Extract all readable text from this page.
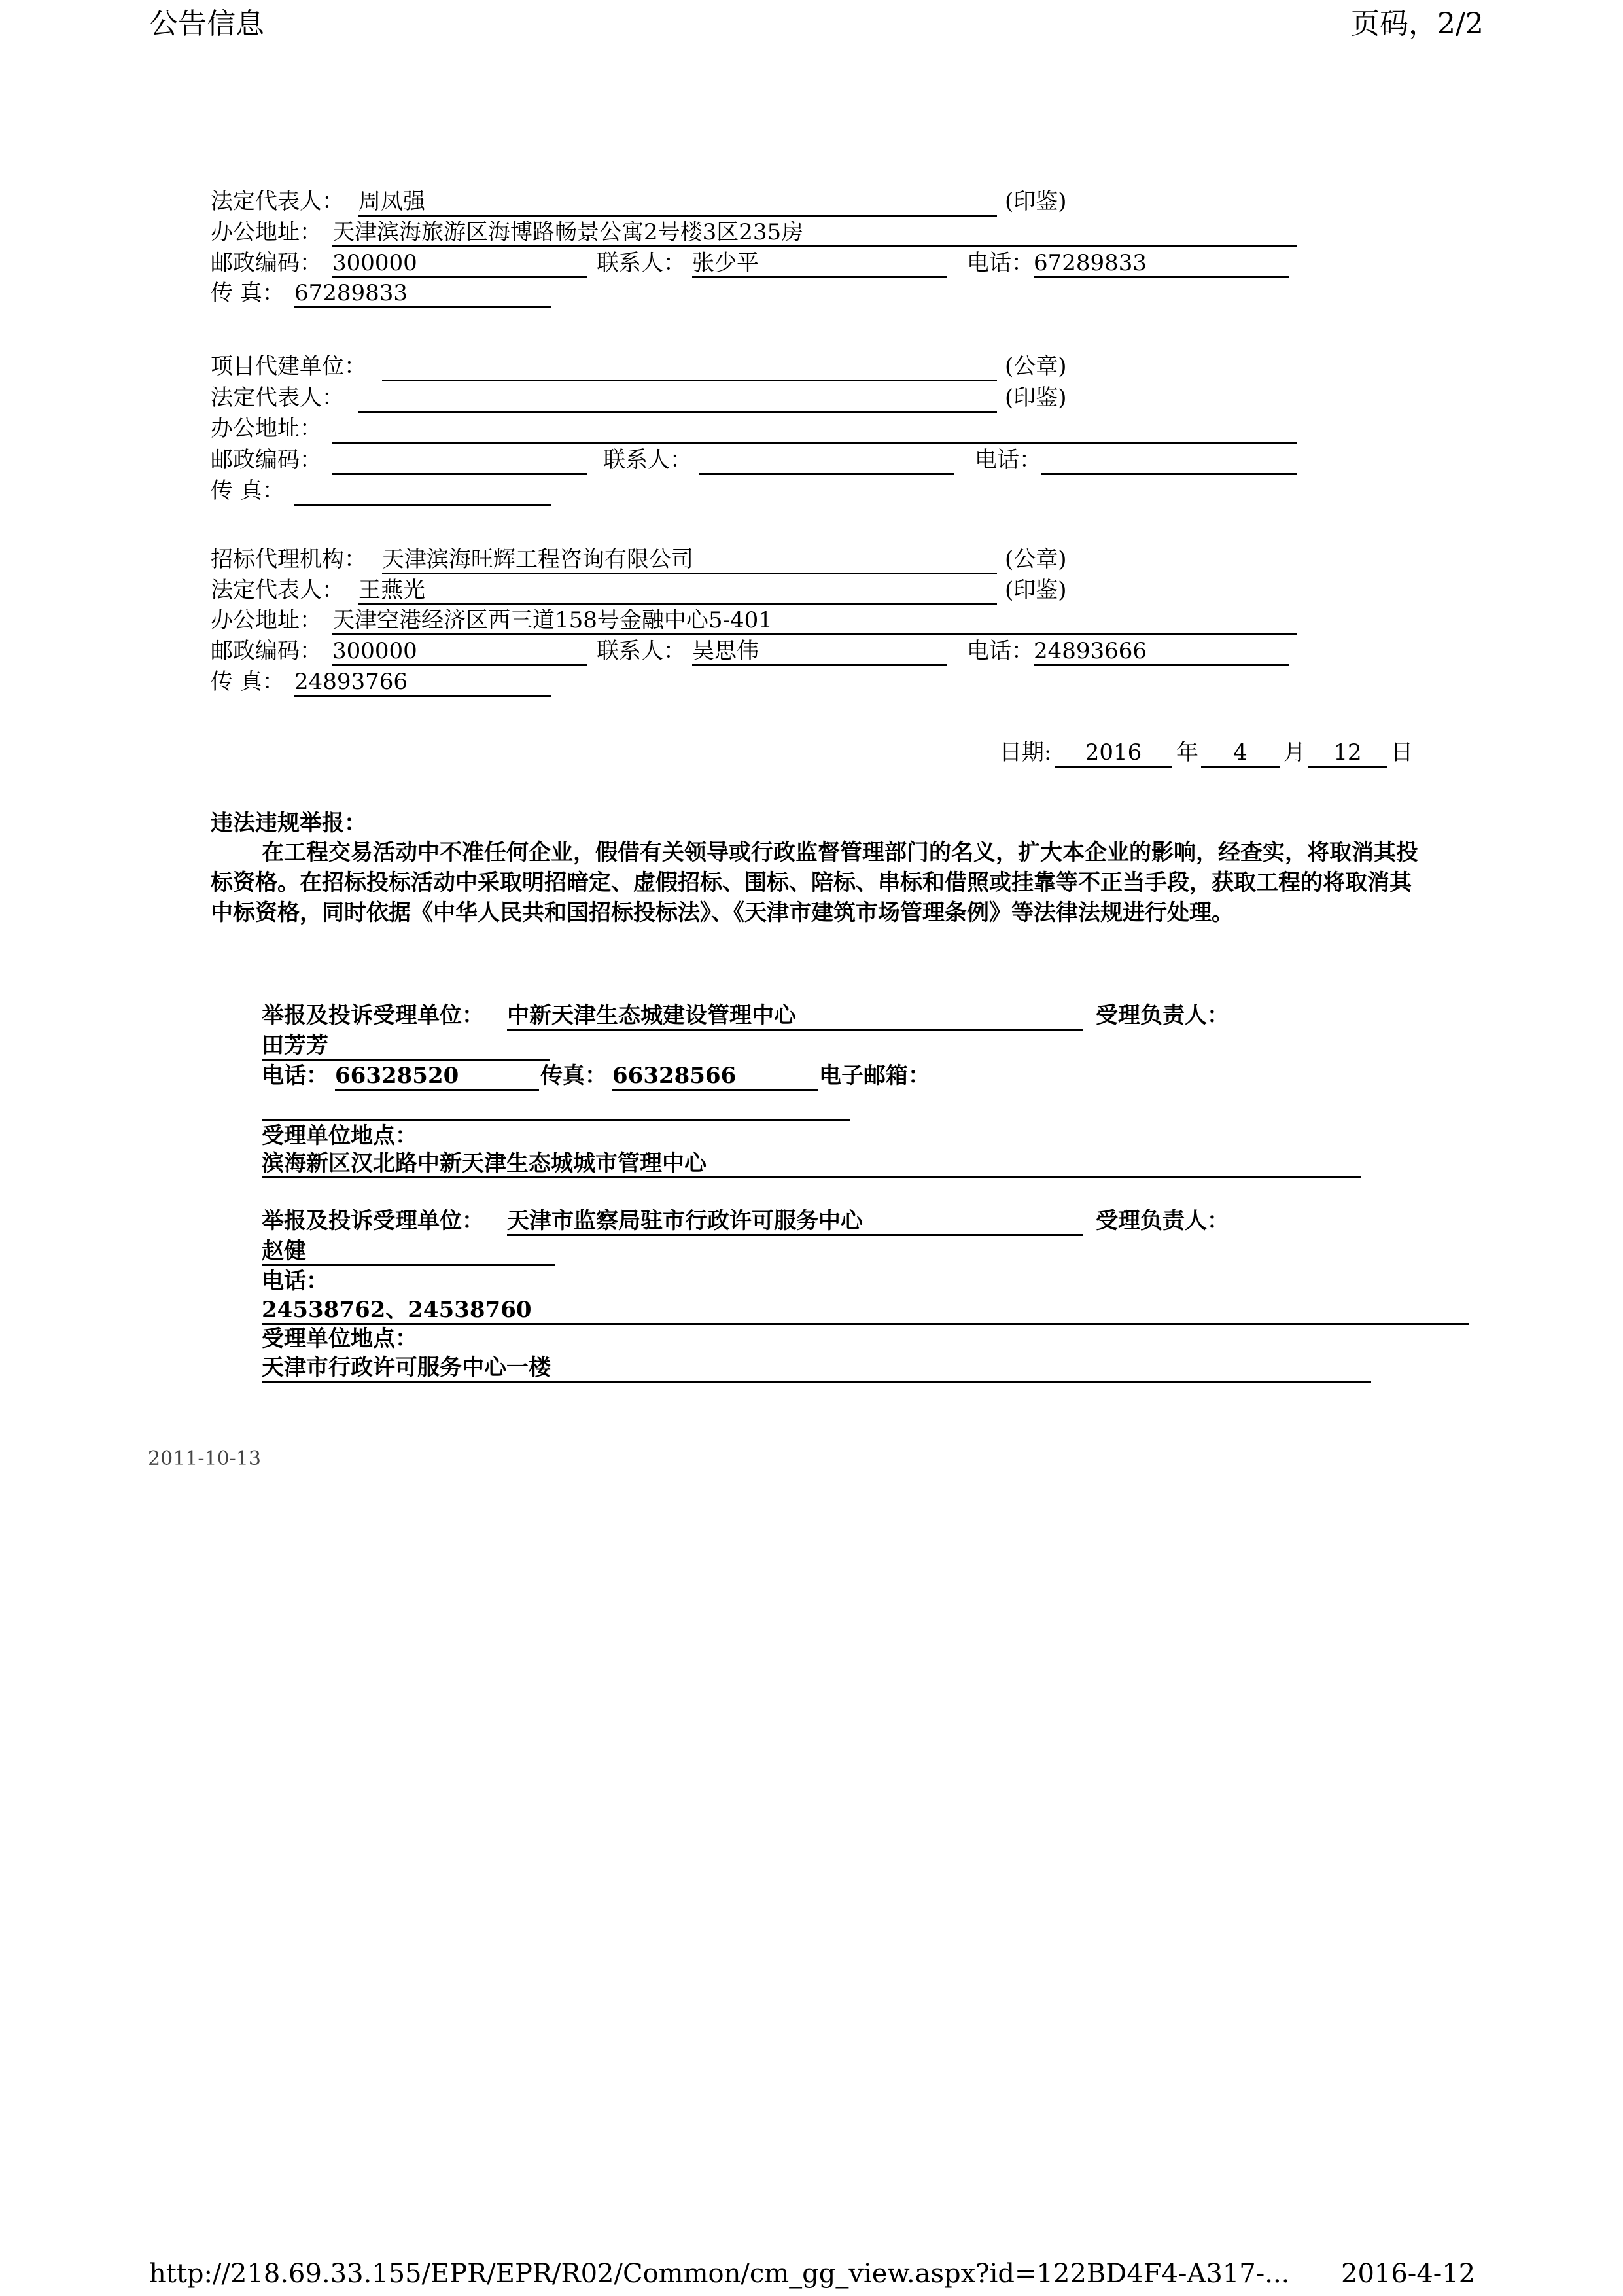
公告信息	页码，2/2
法定代表人： 周凤强	(印鉴)
办公地址： 天津滨海旅游区海博路畅景公寓2号楼3区235房
邮政编码： 300000	联系人： 张少平	电话： 67289833
传 真： 67289833
项目代建单位：	(公章)
法定代表人：	(印鉴)
办公地址：
邮政编码：	联系人：	电话：
传 真：
招标代理机构： 天津滨海旺辉工程咨询有限公司	(公章)
法定代表人： 王燕光	(印鉴)
办公地址： 天津空港经济区西三道158号金融中心5-401
邮政编码： 300000	联系人： 吴思伟	电话： 24893666
传 真： 24893766
日期:	2016	年	4	月	12	日
违法违规举报：
在工程交易活动中不准任何企业，假借有关领导或行政监督管理部门的名义，扩大本企业的影响，经查实，将取消其投标资格。在招标投标活动中采取明招暗定、虚假招标、围标、陪标、串标和借照或挂靠等不正当手段，获取工程的将取消其中标资格，同时依据《中华人民共和国招标投标法》、《天津市建筑市场管理条例》等法律法规进行处理。
举报及投诉受理单位： 中新天津生态城建设管理中心	受理负责人：
田芳芳
电话： 66328520	传真： 66328566	电子邮箱：
受理单位地点：
滨海新区汉北路中新天津生态城城市管理中心
举报及投诉受理单位： 天津市监察局驻市行政许可服务中心	受理负责人：
赵健
电话：
24538762、24538760
受理单位地点：
天津市行政许可服务中心一楼
2011-10-13
http://218.69.33.155/EPR/EPR/R02/Common/cm_gg_view.aspx?id=122BD4F4-A317-... 2016-4-12
